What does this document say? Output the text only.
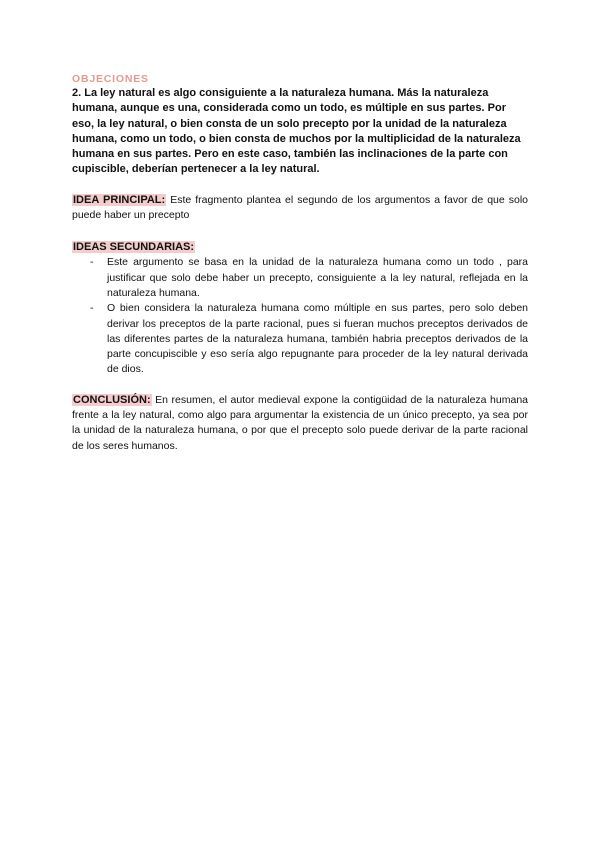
OBJECIONES

2. La ley natural es algo consiguiente a la naturaleza humana. Más la naturaleza humana, aunque es una, considerada como un todo, es múltiple en sus partes. Por eso, la ley natural, o bien consta de un solo precepto por la unidad de la naturaleza humana, como un todo, o bien consta de muchos por la multiplicidad de la naturaleza humana en sus partes. Pero en este caso, también las inclinaciones de la parte con cupiscible, deberían pertenecer a la ley natural.

IDEA PRINCIPAL: Este fragmento plantea el segundo de los argumentos a favor de que solo puede haber un precepto

IDEAS SECUNDARIAS:

- Este argumento se basa en la unidad de la naturaleza humana como un todo , para justificar que solo debe haber un precepto, consiguiente a la ley natural, reflejada en la naturaleza humana.
- O bien considera la naturaleza humana como múltiple en sus partes, pero solo deben derivar los preceptos de la parte racional, pues si fueran muchos preceptos derivados de las diferentes partes de la naturaleza humana, también habria preceptos derivados de la parte concupiscible y eso sería algo repugnante para proceder de la ley natural derivada de dios.

CONCLUSIÓN: En resumen, el autor medieval expone la contigüidad de la naturaleza humana frente a la ley natural, como algo para argumentar la existencia de un único precepto, ya sea por la unidad de la naturaleza humana, o por que el precepto solo puede derivar de la parte racional de los seres humanos.
